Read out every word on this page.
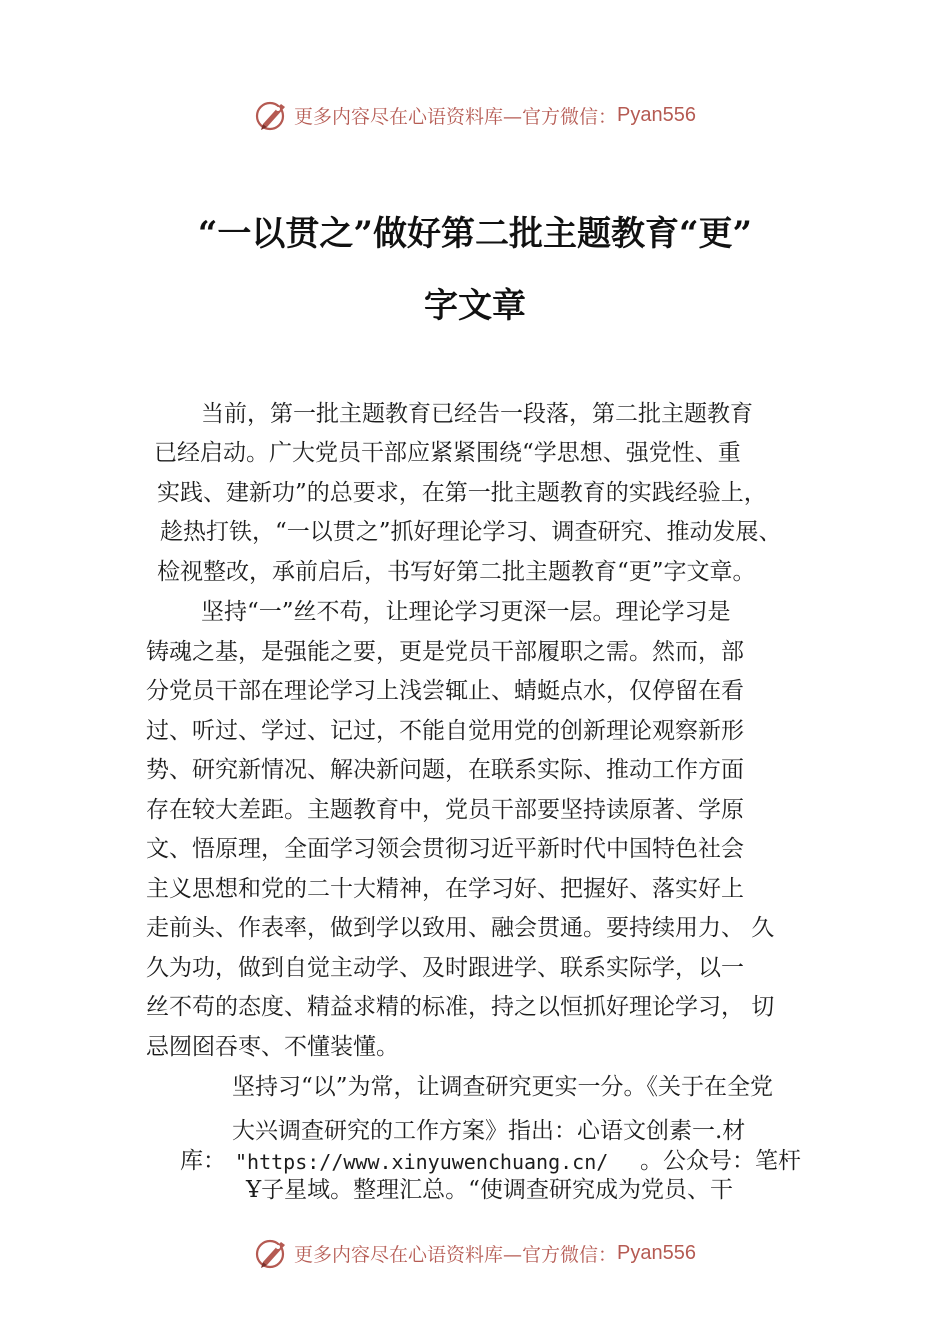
更多内容尽在心语资料库—官方微信： Pyan556
“一以贯之”做好第二批主题教育“更”
字文章
当前，第一批主题教育已经告一段落，第二批主题教育
已经启动。广大党员干部应紧紧围绕“学思想、强党性、重
实践、建新功”的总要求，在第一批主题教育的实践经验上，
趁热打铁，“一以贯之”抓好理论学习、调查研究、推动发展、
检视整改，承前启后，书写好第二批主题教育“更”字文章。
坚持“一”丝不苟，让理论学习更深一层。理论学习是
铸魂之基，是强能之要，更是党员干部履职之需。然而，部
分党员干部在理论学习上浅尝辄止、蜻蜓点水，仅停留在看
过、听过、学过、记过，不能自觉用党的创新理论观察新形
势、研究新情况、解决新问题，在联系实际、推动工作方面
存在较大差距。主题教育中，党员干部要坚持读原著、学原
文、悟原理，全面学习领会贯彻习近平新时代中国特色社会
主义思想和党的二十大精神，在学习好、把握好、落实好上
走前头、作表率，做到学以致用、融会贯通。要持续用力、 久
久为功，做到自觉主动学、及时跟进学、联系实际学，以一
丝不苟的态度、精益求精的标准，持之以恒抓好理论学习， 切
忌囫囵吞枣、不懂装懂。
坚持习“以”为常，让调查研究更实一分。《关于在全党
大兴调查研究的工作方案》指出：心语文创素一.材
库： "https://www.xinyuwenchuang.cn/ 。公众号：笔杆
Ұ子星域。整理汇总。“使调查研究成为党员、干
更多内容尽在心语资料库—官方微信： Pyan556
